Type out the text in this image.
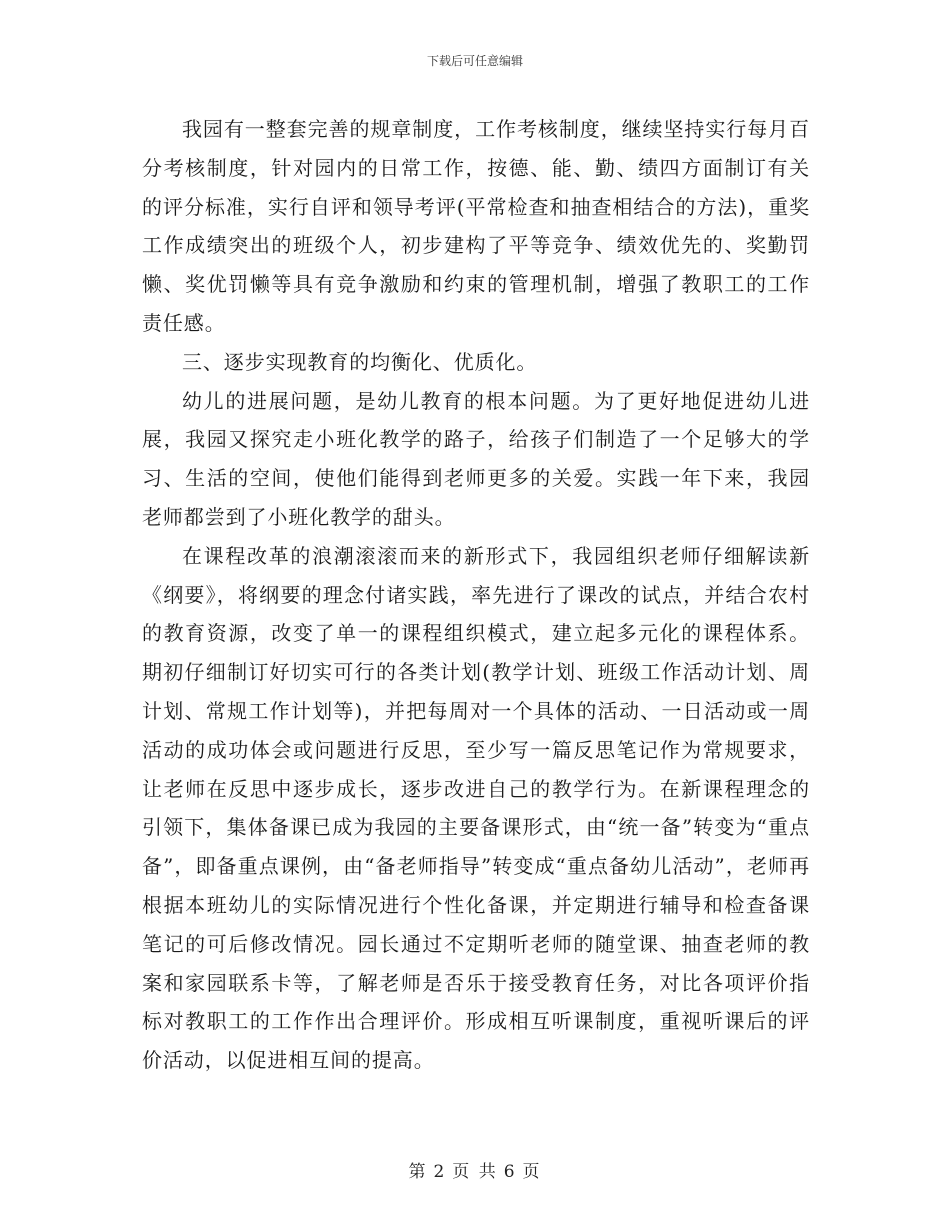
下载后可任意编辑

我园有一整套完善的规章制度，工作考核制度，继续坚持实行每月百分考核制度，针对园内的日常工作，按德、能、勤、绩四方面制订有关的评分标准，实行自评和领导考评(平常检查和抽查相结合的方法)，重奖工作成绩突出的班级个人，初步建构了平等竞争、绩效优先的、奖勤罚懒、奖优罚懒等具有竞争激励和约束的管理机制，增强了教职工的工作责任感。

三、逐步实现教育的均衡化、优质化。

幼儿的进展问题，是幼儿教育的根本问题。为了更好地促进幼儿进展，我园又探究走小班化教学的路子，给孩子们制造了一个足够大的学习、生活的空间，使他们能得到老师更多的关爱。实践一年下来，我园老师都尝到了小班化教学的甜头。

在课程改革的浪潮滚滚而来的新形式下，我园组织老师仔细解读新《纲要》，将纲要的理念付诸实践，率先进行了课改的试点，并结合农村的教育资源，改变了单一的课程组织模式，建立起多元化的课程体系。期初仔细制订好切实可行的各类计划(教学计划、班级工作活动计划、周计划、常规工作计划等)，并把每周对一个具体的活动、一日活动或一周活动的成功体会或问题进行反思，至少写一篇反思笔记作为常规要求，让老师在反思中逐步成长，逐步改进自己的教学行为。在新课程理念的引领下，集体备课已成为我园的主要备课形式，由“统一备”转变为“重点备”，即备重点课例，由“备老师指导”转变成“重点备幼儿活动”，老师再根据本班幼儿的实际情况进行个性化备课，并定期进行辅导和检查备课笔记的可后修改情况。园长通过不定期听老师的随堂课、抽查老师的教案和家园联系卡等，了解老师是否乐于接受教育任务，对比各项评价指标对教职工的工作作出合理评价。形成相互听课制度，重视听课后的评价活动，以促进相互间的提高。

第 2 页 共 6 页
